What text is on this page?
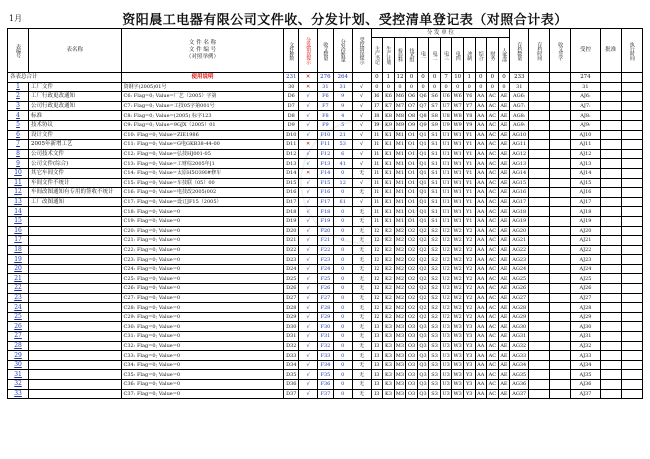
1月	资阳晨工电器有限公司文件收、分发计划、受控清单登记表（对照合计表）
表编号	表名称	文 件 名 称
文 件 编 号
（对照举例）	文件种数	分发错误提示	收文数量	分发份数量	受控错误提示	分 发 单 位												存档数量	存档时间	收文签字	受控	批准	执行时间

								主产书记	生产计划	检验科	技术组	电一	电二	电三	电四	冲制	综合	财务	人事部						

各表总合计		使用说明	231	✕	276	264		0	1	12	0	0	0	7	10	1	0	0	0	233			274		
1	工厂文件	资钢字(2005)01号	30	✕	31	31	√	0	0	0	0	0	0	0	0	0	0	0	0	31			31		
2	工厂行政更改通知	C6: Flag=0; Value=厂艺（2005）字第	D6	√	F6	9	√	I6	K6	M6	O6	Q6	S6	U6	W6	Y6	AA	AC	AE	AG6:			AJ6:		
3	公司行政更改通知	C7: Flag=0; Value=工技05字第001号	D7	√	F7	9	√	I7	K7	M7	O7	Q7	S7	U7	W7	Y7	AA	AC	AE	AG7:			AJ7:		
4	标准	C8: Flag=0; Value=(2005) 标字123	D8	√	F8	4	√	I8	K8	M8	O8	Q8	S8	U8	W8	Y8	AA	AC	AE	AG8:			AJ8:		
5	技术协议	C9: Flag=0; Value=9GJX（2005）01	D9	√	F9	5	√	I9	K9	M9	O9	Q9	S9	U9	W9	Y9	AA	AC	AE	AG9:			AJ9:		
6	设计文件	C10: Flag=0; Value=ZIE1986	D10	√	F10	21	√	I1	K1	M1	O1	Q1	S1	U1	W1	Y1	AA	AC	AE	AG10			AJ10		
7	2005年新增工艺	C11: Flag=0; Value=G电GKB38-44-00	D11	✕	F11	53	√	I1	K1	M1	O1	Q1	S1	U1	W1	Y1	AA	AC	AE	AG11			AJ11		
8	公司技术文件	C12: Flag=0; Value=弘技HJ001-05	D12	√	F12	6	√	I1	K1	M1	O1	Q1	S1	U1	W1	Y1	AA	AC	AE	AG12			AJ12		
9	公司文件(综合)	C13: Flag=0; Value=工财综2005年[1	D13	√	F13	41	√	I1	K1	M1	O1	Q1	S1	U1	W1	Y1	AA	AC	AE	AG13			AJ13		
10	其它车间文件	C14: Flag=0; Value=太原H5O39I#修车	D14	✕	F14	0	无	I1	K1	M1	O1	Q1	S1	U1	W1	Y1	AA	AC	AE	AG14			AJ14		
11	车间文件不统计	C15: Flag=0; Value=车技联（05）00	D15	√	F15	12	√	I1	K1	M1	O1	Q1	S1	U1	W1	Y1	AA	AC	AE	AG15			AJ15		
12	车间改图通知有专用的签收不统计	C16: Flag=0; Value=电技改2005(002	D16	√	F16	0	无	I1	K1	M1	O1	Q1	S1	U1	W1	Y1	AA	AC	AE	AG16			AJ16		
13	工厂改图通知	C17: Flag=0; Value=设订JF15（2005）	D17	√	F17	61	√	I1	K1	M1	O1	Q1	S1	U1	W1	Y1	AA	AC	AE	AG17			AJ17		
14		C18: Flag=0; Value=0	D18	√	F18	0	无	I1	K1	M1	O1	Q1	S1	U1	W1	Y1	AA	AC	AE	AG18			AJ18		
15		C19: Flag=0; Value=0	D19	√	F19	0	无	I1	K1	M1	O1	Q1	S1	U1	W1	Y1	AA	AC	AE	AG19			AJ19		
16		C20: Flag=0; Value=0	D20	√	F20	0	无	I2	K2	M2	O2	Q2	S2	U2	W2	Y2	AA	AC	AE	AG20			AJ20		
17		C21: Flag=0; Value=0	D21	√	F21	0	无	I2	K2	M2	O2	Q2	S2	U2	W2	Y2	AA	AC	AE	AG21			AJ21		
18		C22: Flag=0; Value=0	D22	√	F22	0	无	I2	K2	M2	O2	Q2	S2	U2	W2	Y2	AA	AC	AE	AG22			AJ22		
19		C23: Flag=0; Value=0	D23	√	F23	0	无	I2	K2	M2	O2	Q2	S2	U2	W2	Y2	AA	AC	AE	AG23			AJ23		
20		C24: Flag=0; Value=0	D24	√	F24	0	无	I2	K2	M2	O2	Q2	S2	U2	W2	Y2	AA	AC	AE	AG24			AJ24		
21		C25: Flag=0; Value=0	D25	√	F25	0	无	I2	K2	M2	O2	Q2	S2	U2	W2	Y2	AA	AC	AE	AG25			AJ25		
22		C26: Flag=0; Value=0	D26	√	F26	0	无	I2	K2	M2	O2	Q2	S2	U2	W2	Y2	AA	AC	AE	AG26			AJ26		
23		C27: Flag=0; Value=0	D27	√	F27	0	无	I2	K2	M2	O2	Q2	S2	U2	W2	Y2	AA	AC	AE	AG27			AJ27		
24		C28: Flag=0; Value=0	D28	√	F28	0	无	I2	K2	M2	O2	Q2	S2	U2	W2	Y2	AA	AC	AE	AG28			AJ28		
25		C29: Flag=0; Value=0	D29	√	F29	0	无	I2	K2	M2	O2	Q2	S2	U2	W2	Y2	AA	AC	AE	AG29			AJ29		
26		C30: Flag=0; Value=0	D30	√	F30	0	无	I3	K3	M3	O3	Q3	S3	U3	W3	Y3	AA	AC	AE	AG30			AJ30		
27		C31: Flag=0; Value=0	D31	√	F31	0	无	I3	K3	M3	O3	Q3	S3	U3	W3	Y3	AA	AC	AE	AG31			AJ31		
28		C32: Flag=0; Value=0	D32	√	F32	0	无	I3	K3	M3	O3	Q3	S3	U3	W3	Y3	AA	AC	AE	AG32			AJ32		
29		C33: Flag=0; Value=0	D33	√	F33	0	无	I3	K3	M3	O3	Q3	S3	U3	W3	Y3	AA	AC	AE	AG33			AJ33		
30		C34: Flag=0; Value=0	D34	√	F34	0	无	I3	K3	M3	O3	Q3	S3	U3	W3	Y3	AA	AC	AE	AG34			AJ34		
31		C35: Flag=0; Value=0	D35	√	F35	0	无	I3	K3	M3	O3	Q3	S3	U3	W3	Y3	AA	AC	AE	AG35			AJ35		
32		C36: Flag=0; Value=0	D36	√	F36	0	无	I3	K3	M3	O3	Q3	S3	U3	W3	Y3	AA	AC	AE	AG36			AJ36		
33		C37: Flag=0; Value=0	D37	√	F37	0	无	I3	K3	M3	O3	Q3	S3	U3	W3	Y3	AA	AC	AE	AG37			AJ37		
